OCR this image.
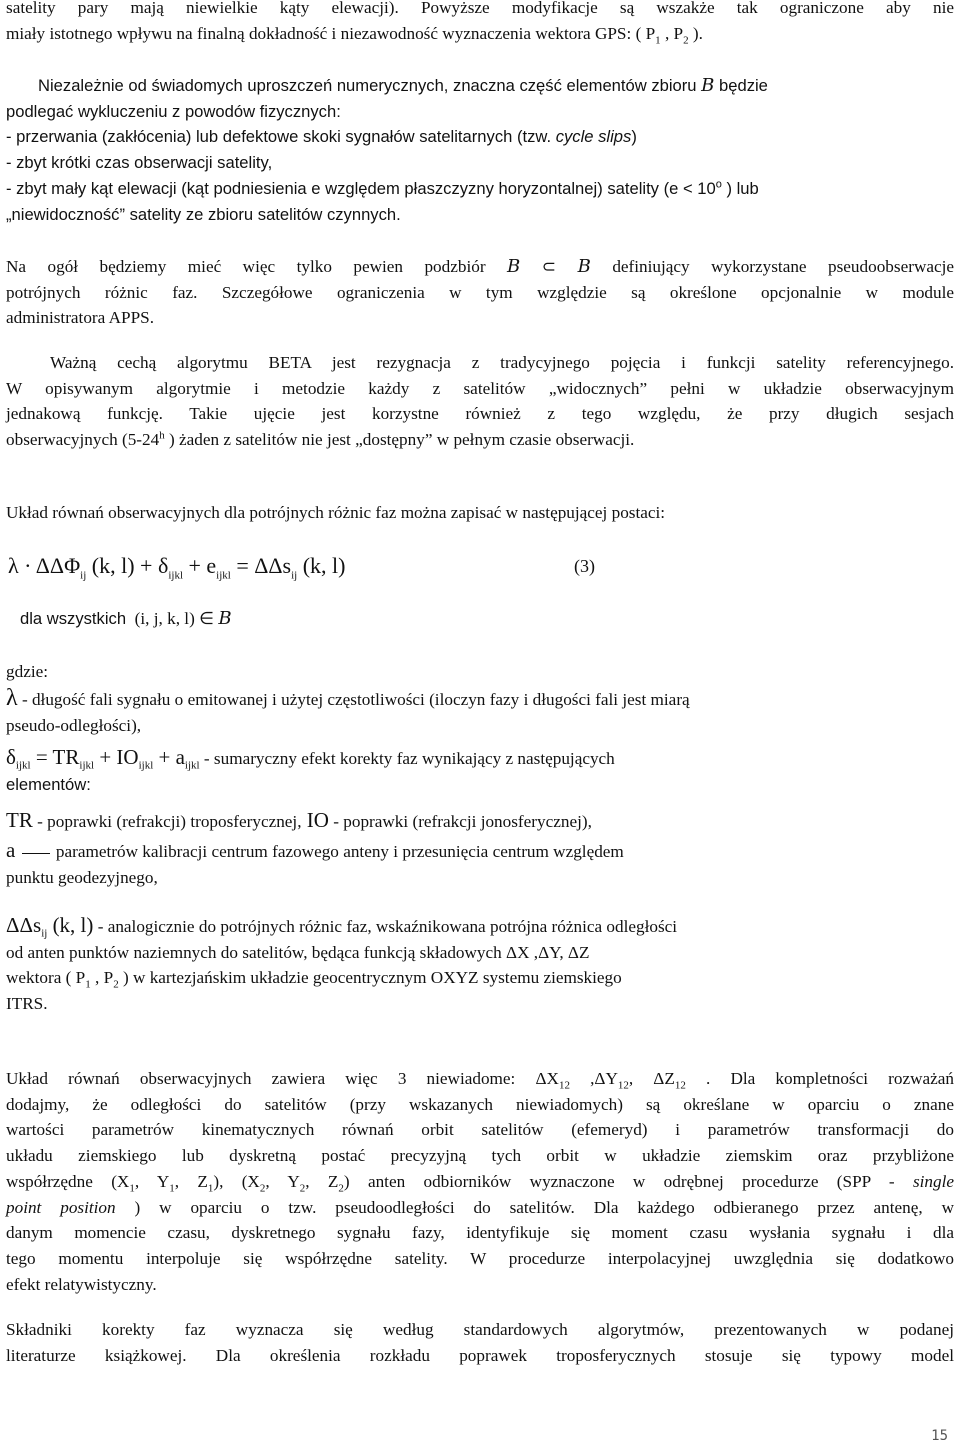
satelity pary mają niewielkie kąty elewacji). Powyższe modyfikacje są wszakże tak ograniczone aby nie
miały istotnego wpływu na finalną dokładność i niezawodność wyznaczenia wektora GPS: ( $P_1$ , $P_2$ ).
Niezależnie od świadomych uproszczeń numerycznych, znaczna część elementów zbioru B będzie
podlegać wykluczeniu z powodów fizycznych:
- przerwania (zakłócenia) lub defektowe skoki sygnałów satelitarnych (tzw. cycle slips)
- zbyt krótki czas obserwacji satelity,
- zbyt mały kąt elewacji (kąt podniesienia e względem płaszczyzny horyzontalnej) satelity ($e < 10^o$ ) lub
„niewidoczność” satelity ze zbioru satelitów czynnych.
Na ogół będziemy mieć więc tylko pewien podzbiór B ⊂ B definiujący wykorzystane pseudoobserwacje
potrójnych różnic faz. Szczegółowe ograniczenia w tym względzie są określone opcjonalnie w module
administratora APPS.
Ważną cechą algorytmu BETA jest rezygnacja z tradycyjnego pojęcia i funkcji satelity referencyjnego.
W opisywanym algorytmie i metodzie każdy z satelitów „widocznych” pełni w układzie obserwacyjnym
jednakową funkcję. Takie ujęcie jest korzystne również z tego względu, że przy długich sesjach
obserwacyjnych (5-24$^h$ ) żaden z satelitów nie jest „dostępny” w pełnym czasie obserwacji.
Układ równań obserwacyjnych dla potrójnych różnic faz można zapisać w następującej postaci:
$\lambda \cdot \Delta\Delta\Phi_{ij}$ (k, $l) + \delta_{ijkl} + e_{ijkl} = \Delta\Delta s_{ij}$ (k, l)	(3)
dla wszystkich (i, j, k, l) ∈ B
gdzie:
λ - długość fali sygnału o emitowanej i użytej częstotliwości (iloczyn fazy i długości fali jest miarą
pseudo-odległości),
$\delta_{ijkl} = TR_{ijkl} + IO_{ijkl} + a_{ijkl}$ - sumaryczny efekt korekty faz wynikający z następujących
elementów:
TR - poprawki (refrakcji) troposferycznej, IO - poprawki (refrakcji jonosferycznej),
a  parametrów kalibracji centrum fazowego anteny i przesunięcia centrum względem
punktu geodezyjnego,
ΔΔs$_{ij}$ (k, l) - analogicznie do potrójnych różnic faz, wskaźnikowana potrójna różnica odległości
od anten punktów naziemnych do satelitów, będąca funkcją składowych ΔX ,ΔY, ΔZ
wektora ( $P_1$ , $P_2$ ) w kartezjańskim układzie geocentrycznym OXYZ systemu ziemskiego
ITRS.
Układ równań obserwacyjnych zawiera więc 3 niewiadome: $\Delta X_{12}$ $,\Delta Y_{12}$, $\Delta Z_{12}$ . Dla kompletności rozważań
dodajmy, że odległości do satelitów (przy wskazanych niewiadomych) są określane w oparciu o znane
wartości parametrów kinematycznych równań orbit satelitów (efemeryd) i parametrów transformacji do
układu ziemskiego lub dyskretną postać precyzyjną tych orbit w układzie ziemskim oraz przybliżone
współrzędne ($X_1$, $Y_1$, $Z_1$), ($X_2$, $Y_2$, $Z_2$) anten odbiorników wyznaczone w odrębnej procedurze (SPP - single
point position ) w oparciu o tzw. pseudoodległości do satelitów. Dla każdego odbieranego przez antenę, w
danym momencie czasu, dyskretnego sygnału fazy, identyfikuje się moment czasu wysłania sygnału i dla
tego momentu interpoluje się współrzędne satelity. W procedurze interpolacyjnej uwzględnia się dodatkowo
efekt relatywistyczny.
Składniki korekty faz wyznacza się według standardowych algorytmów, prezentowanych w podanej
literaturze książkowej. Dla określenia rozkładu poprawek troposferycznych stosuje się typowy model
15
